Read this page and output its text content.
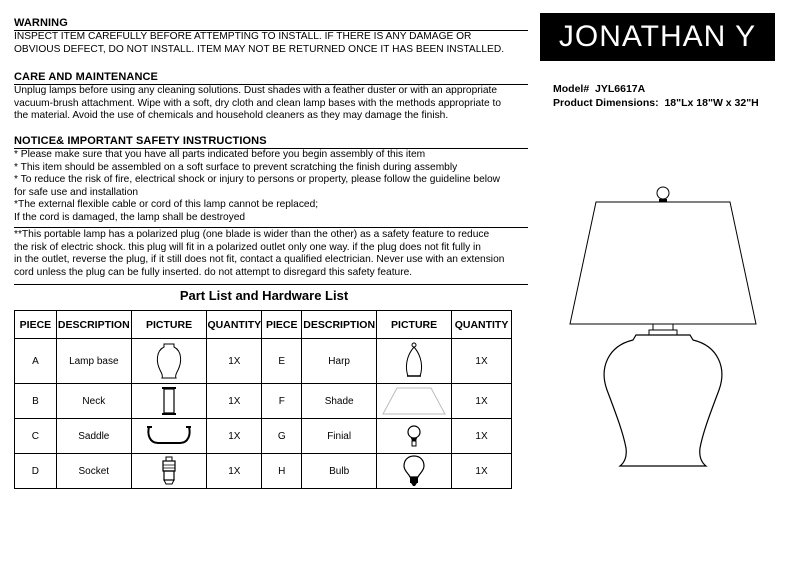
WARNING
INSPECT ITEM CAREFULLY BEFORE ATTEMPTING TO INSTALL. IF THERE IS ANY DAMAGE OR
OBVIOUS DEFECT, DO NOT INSTALL. ITEM MAY NOT BE RETURNED ONCE IT HAS BEEN INSTALLED.
CARE AND MAINTENANCE
Unplug lamps before using any cleaning solutions. Dust shades with a feather duster or with an appropriate
vacuum-brush attachment. Wipe with a soft, dry cloth and clean lamp bases with the methods appropriate to
the material. Avoid the use of chemicals and household cleaners as they may damage the finish.
NOTICE& IMPORTANT SAFETY INSTRUCTIONS
* Please make sure that you have all parts indicated before you begin assembly of this item
* This item should be assembled on a soft surface to prevent scratching the finish during assembly
* To reduce the risk of fire, electrical shock or injury to persons or property, please follow the guideline below
for safe use and installation
*The external flexible cable or cord of this lamp cannot be replaced;
If the cord is damaged, the lamp shall be destroyed
**This portable lamp has a polarized plug (one blade is wider than the other) as a safety feature to reduce
the risk of electric shock. this plug will fit in a polarized outlet only one way. if the plug does not fit fully in
in the outlet, reverse the plug, if it still does not fit, contact a qualified electrician. Never use with an extension
cord unless the plug can be fully inserted. do not attempt to disregard this safety feature.
JONATHAN Y
Model# JYL6617A
Product Dimensions: 18"Lx 18"W x 32"H
Part List and Hardware List
PIECE	DESCRIPTION	PICTURE	QUANTITY	PIECE	DESCRIPTION	PICTURE	QUANTITY
A	Lamp base		1X	E	Harp		1X
B	Neck		1X	F	Shade		1X
C	Saddle		1X	G	Finial		1X
D	Socket		1X	H	Bulb		1X
